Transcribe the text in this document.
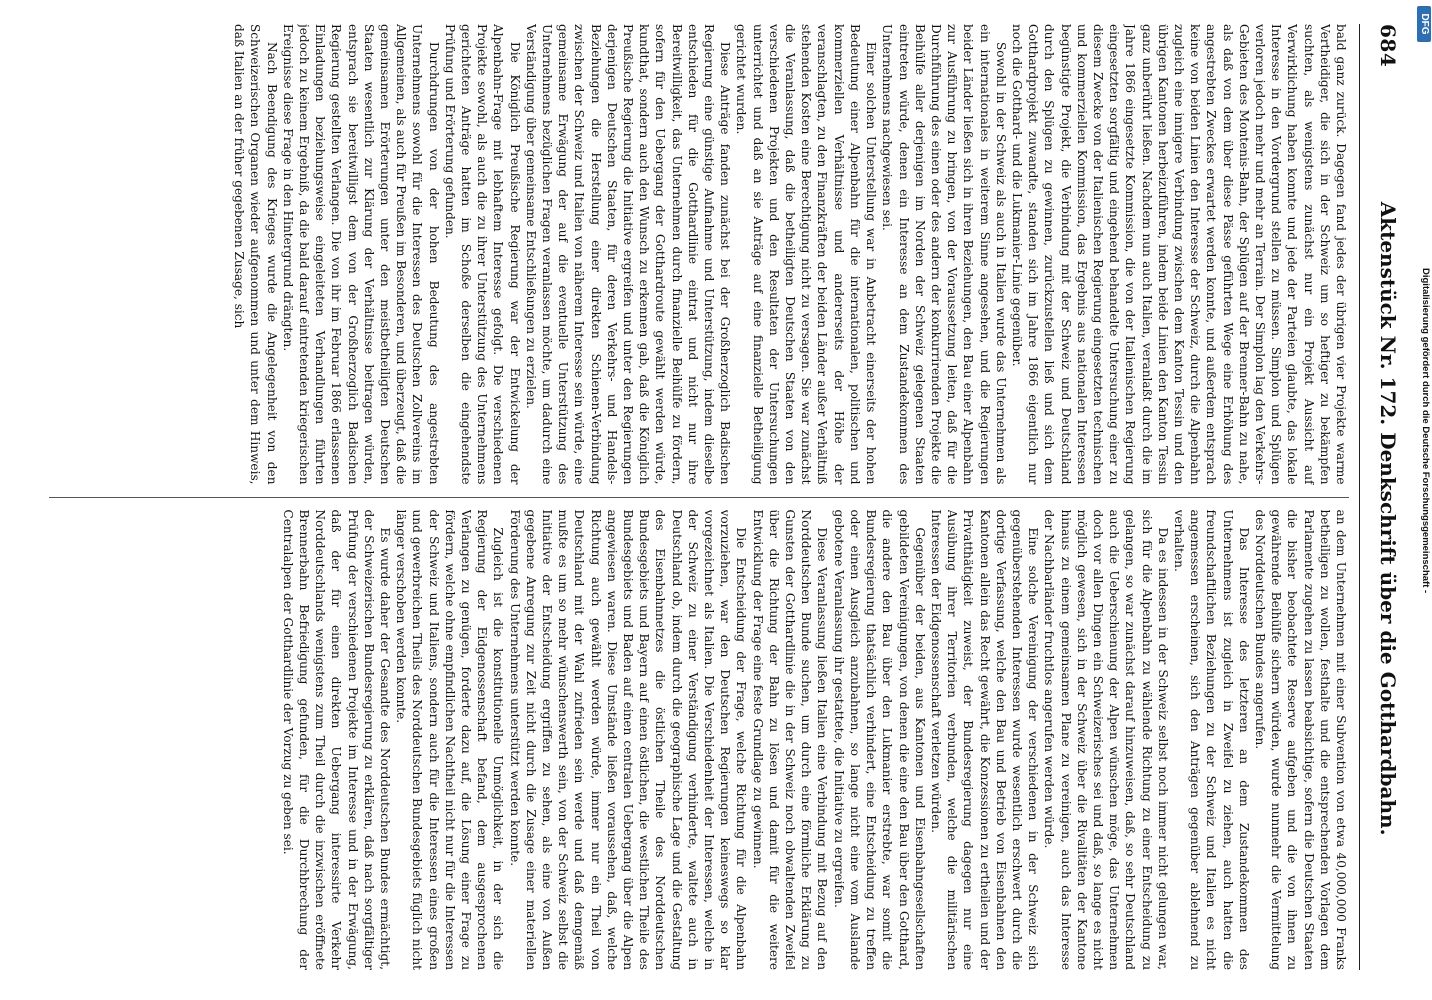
684
Aktenstück Nr. 172. Denkschrift über die Gotthardbahn.

bald ganz zurück. Dagegen fand jedes der übrigen vier Projekte warme Vertheidiger, die sich in der Schweiz um so heftiger zu bekämpfen suchten, als wenigstens zunächst nur ein Projekt Aussicht auf Verwirklichung haben konnte und jede der Parteien glaubte, das lokale Interesse in den Vordergrund stellen zu müssen. Simplon und Splügen verloren jedoch mehr und mehr an Terrain. Der Simplon lag den Verkehrs-Gebieten des Montenis-Bahn, der Splügen auf der Brenner-Bahn zu nahe, als daß von dem über diese Pässe geführten Wege eine Erhöhung des angestrebten Zweckes erwartet werden konnte, und außerdem entsprach keine von beiden Linien den Interesse der Schweiz, durch die Alpenbahn zugleich eine innigere Verbindung zwischen dem Kanton Tessin und den übrigen Kantonen herbeizuführen, indem beide Linien den Kanton Tessin ganz unberührt ließen. Nachdem nun auch Italien, veranlaßt durch die im Jahre 1866 eingesetzte Kommission, die von der Italienischen Regierung eingesetzten sorgfältig und eingehend behandelte Untersuchung einer zu diesem Zwecke von der Italienischen Regierung eingesetzten technischen und kommerziellen Kommission, das Ergebnis aus nationalen Interessen begünstigte Projekt, die Verbindung mit der Schweiz und Deutschland durch den Splügen zu gewinnen, zurückzustellen ließ und sich dem Gotthardprojekt zuwandte, standen sich im Jahre 1866 eigentlich nur noch die Gotthard- und die Lukmanier-Linie gegenüber.

Sowohl in der Schweiz als auch in Italien wurde das Unternehmen als ein internationales in weiterem Sinne angesehen, und die Regierungen beider Länder ließen sich in ihren Beziehungen, den Bau einer Alpenbahn zur Ausführung zu bringen, von der Voraussetzung leiten, daß für die Durchführung des einen oder des andern der konkurrirenden Projekte die Beihülfe aller derjenigen im Norden der Schweiz gelegenen Staaten eintreten würde, denen ein Interesse an dem Zustandekommen des Unternehmens nachgewiesen sei.

Einer solchen Unterstellung war in Anbetracht einerseits der hohen Bedeutung einer Alpenbahn für die internationalen, politischen und kommerziellen Verhältnisse und andererseits der Höhe der veranschlagten, zu den Finanzkräften der beiden Länder außer Verhältniß stehenden Kosten eine Berechtigung nicht zu versagen. Sie war zunächst die Veranlassung, daß die betheiligten Deutschen Staaten von den verschiedenen Projekten und den Resultaten der Untersuchungen unterrichtet und daß an sie Anträge auf eine finanzielle Betheiligung gerichtet wurden.

Diese Anträge fanden zunächst bei der Großherzoglich Badischen Regierung eine günstige Aufnahme und Unterstützung, indem dieselbe entschieden für die Gotthardlinie eintrat und nicht nur ihre Bereitwilligkeit, das Unternehmen durch finanzielle Beihülfe zu fördern, sofern für den Uebergang der Gotthardroute gewählt werden würde, kundthat, sondern auch den Wunsch zu erkennen gab, daß die Königlich Preußische Regierung die Initiative ergreifen und unter den Regierungen derjenigen Deutschen Staaten, für deren Verkehrs- und Handels-Beziehungen die Herstellung einer direkten Schienen-Verbindung zwischen der Schweiz und Italien von näherem Interesse sein würde, eine gemeinsame Erwägung der auf die eventuelle Unterstützung des Unternehmens bezüglichen Fragen veranlassen möchte, um dadurch eine Verständigung über gemeinsame Entschließungen zu erzielen.

Die Königlich Preußische Regierung war der Entwickelung der Alpenbahn-Frage mit lebhaftem Interesse gefolgt. Die verschiedenen Projekte sowohl, als auch die zu ihrer Unterstützung des Unternehmens gerichteten Anträge hatten im Schoße derselben die eingehendste Prüfung und Erörterung gefunden.

Durchdrungen von der hohen Bedeutung des angestrebten Unternehmens sowohl für die Interessen des Deutschen Zollvereins im Allgemeinen, als auch für Preußen im Besonderen, und überzeugt, daß die gemeinsamen Erörterungen unter den meistbetheiligten Deutschen Staaten wesentlich zur Klärung der Verhältnisse beitragen würden, entsprach sie bereitwilligst dem von der Großherzoglich Badischen Regierung gestellten Verlangen. Die von ihr im Februar 1866 erlassenen Einladungen beziehungsweise eingeleiteten Verhandlungen führten jedoch zu keinem Ergebniß, da die bald darauf eintretenden kriegerischen Ereignisse diese Frage in den Hintergrund drängten.

Nach Beendigung des Krieges wurde die Angelegenheit von den Schweizerischen Organen wieder aufgenommen und unter dem Hinweis, daß Italien an der früher gegebenen Zusage, sich

an dem Unternehmen mit einer Subvention von etwa 40,000,000 Franks betheiligen zu wollen, festhalte und die entsprechenden Vorlagen dem Parlamente zugehen zu lassen beabsichtige, sofern die Deutschen Staaten die bisher beobachtete Reserve aufgeben und die von ihnen zu gewährende Beihülfe sichern würden, wurde nunmehr die Vermittelung des Norddeutschen Bundes angerufen.

Das Interesse des letzteren an dem Zustandekommen des Unternehmens ist zugleich in Zweifel zu ziehen, auch hatten die freundschaftlichen Beziehungen zu der Schweiz und Italien es nicht angemessen erscheinen, sich den Anträgen gegenüber ablehnend zu verhalten.

Da es indessen in der Schweiz selbst noch immer nicht gelungen war, sich für die Alpenbahn zu wählende Richtung zu einer Entscheidung zu gelangen, so war zunächst darauf hinzuweisen, daß, so sehr Deutschland auch die Ueberschienung der Alpen wünschen möge, das Unternehmen doch vor allen Dingen ein Schweizerisches sei und daß, so lange es nicht möglich gewesen, sich in der Schweiz über die Rivalitäten der Kantone hinaus zu einem gemeinsamen Plane zu vereinigen, auch das Interesse der Nachbarländer fruchtlos angerufen werden würde.

Eine solche Vereinigung der verschiedenen in der Schweiz sich gegenüberstehenden Interessen wurde wesentlich erschwert durch die dortige Verfassung, welche den Bau und Betrieb von Eisenbahnen den Kantonen allein das Recht gewährt, die Konzessionen zu ertheilen und der Privatthätigkeit zuweist, der Bundesregierung dagegen nur eine Ausübung ihrer Territorien verbunden, welche die militärischen Interessen der Eidgenossenschaft verletzen würden.

Gegenüber der beiden, aus Kantonen und Eisenbahngesellschaften gebildeten Vereinigungen, von denen die eine den Bau über den Gotthard, die andere den Bau über den Lukmanier erstrebte, war somit die Bundesregierung thatsächlich verhindert, eine Entscheidung zu treffen oder einen Ausgleich anzubahnen, so lange nicht eine vom Auslande gebotene Veranlassung ihr gestattete, die Initiative zu ergreifen.

Diese Veranlassung ließen Italien eine Verbindung mit Bezug auf den Norddeutschen Bunde suchen, um durch eine förmliche Erklärung zu Gunsten der Gotthardlinie die in der Schweiz noch obwaltenden Zweifel über die Richtung der Bahn zu lösen und damit für die weitere Entwicklung der Frage eine feste Grundlage zu gewinnen.

Die Entscheidung der Frage, welche Richtung für die Alpenbahn vorzuziehen, war den Deutschen Regierungen keineswegs so klar vorgezeichnet als Italien. Die Verschiedenheit der Interessen, welche in der Schweiz zu einer Verständigung verhinderte, waltete auch in Deutschland ob, indem durch die geographische Lage und die Gestaltung des Eisenbahnnetzes die östlichen Theile des Norddeutschen Bundesgebiets und Bayern auf einen östlichen, die westlichen Theile des Bundesgebiets und Baden auf einen centralen Uebergang über die Alpen angewiesen waren. Diese Umstände ließen voraussehen, daß, welche Richtung auch gewählt werden würde, immer nur ein Theil von Deutschland mit der Wahl zufrieden sein werde und daß demgemäß mußte es um so mehr wünschenswerth sein, von der Schweiz selbst die Initiative der Entscheidung ergriffen zu sehen, als eine von Außen gegebene Anregung zur Zeit nicht durch die Zusage einer materiellen Förderung des Unternehmens unterstützt werden konnte.

Zugleich ist die konstitutionelle Unmöglichkeit, in der sich die Regierung der Eidgenossenschaft befand, dem ausgesprochenen Verlangen zu genügen, forderte dazu auf, die Lösung einer Frage zu fördern, welche ohne empfindlichen Nachtheil nicht nur für die Interessen der Schweiz und Italiens, sondern auch für die Interessen eines großen und gewerbreichen Theils des Norddeutschen Bundesgebiets füglich nicht länger verschoben werden konnte.

Es wurde daher der Gesandte des Norddeutschen Bundes ermächtigt, der Schweizerischen Bundesregierung zu erklären, daß nach sorgfältiger Prüfung der verschiedenen Projekte im Interesse und in der Erwägung, daß der für einen direkten Uebergang interessirte Verkehr Norddeutschlands wenigstens zum Theil durch die inzwischen eröffnete Brennerbahn Befriedigung gefunden, für die Durchbrechung der Centralalpen der Gotthardlinie der Vorzug zu geben sei.

DFG
Digitalisierung gefördert durch die Deutsche Forschungsgemeinschaft -
